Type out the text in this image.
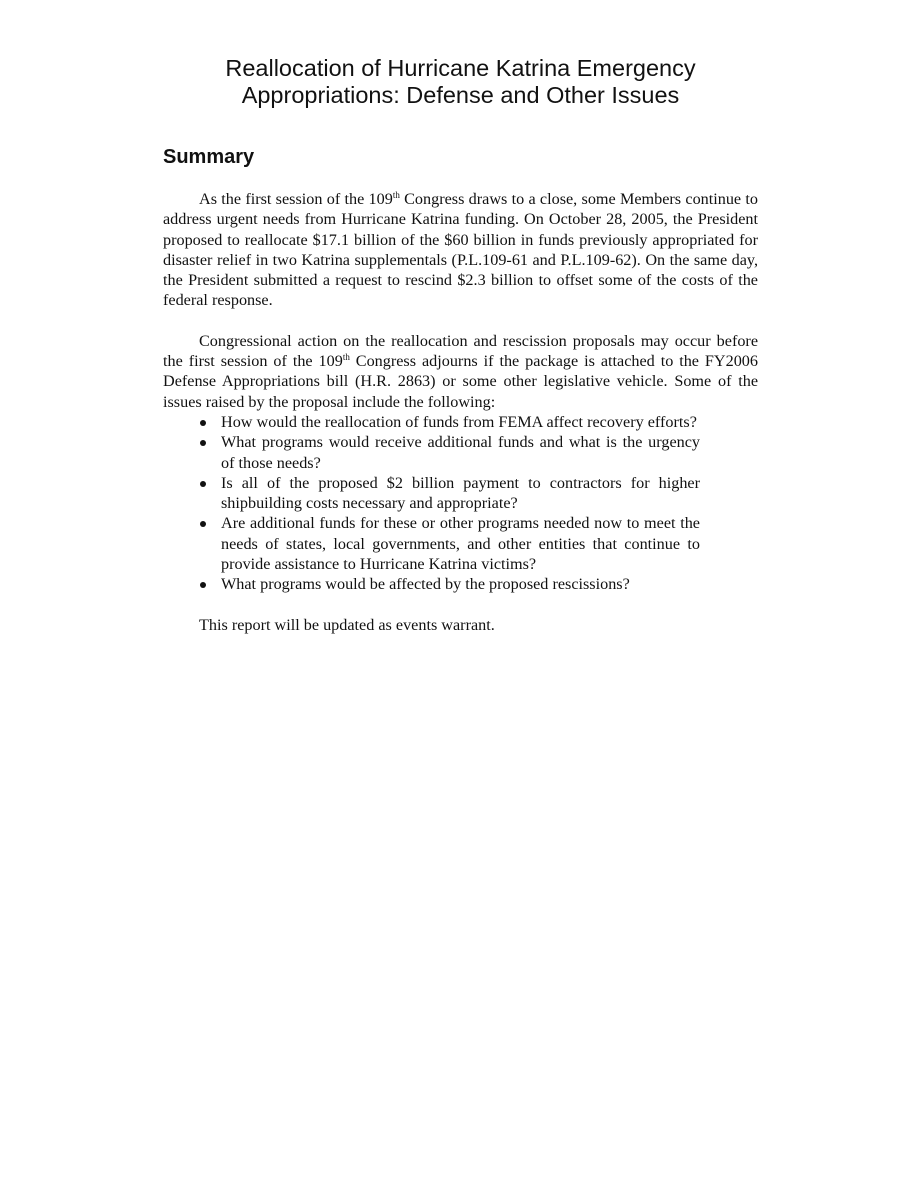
Reallocation of Hurricane Katrina Emergency
Appropriations: Defense and Other Issues
Summary

As the first session of the 109th Congress draws to a close, some Members continue to address urgent needs from Hurricane Katrina funding. On October 28, 2005, the President proposed to reallocate $17.1 billion of the $60 billion in funds previously appropriated for disaster relief in two Katrina supplementals (P.L.109-61 and P.L.109-62). On the same day, the President submitted a request to rescind $2.3 billion to offset some of the costs of the federal response.

Congressional action on the reallocation and rescission proposals may occur before the first session of the 109th Congress adjourns if the package is attached to the FY2006 Defense Appropriations bill (H.R. 2863) or some other legislative vehicle. Some of the issues raised by the proposal include the following:

How would the reallocation of funds from FEMA affect recovery efforts?
What programs would receive additional funds and what is the urgency of those needs?
Is all of the proposed $2 billion payment to contractors for higher shipbuilding costs necessary and appropriate?
Are additional funds for these or other programs needed now to meet the needs of states, local governments, and other entities that continue to provide assistance to Hurricane Katrina victims?
What programs would be affected by the proposed rescissions?

This report will be updated as events warrant.
